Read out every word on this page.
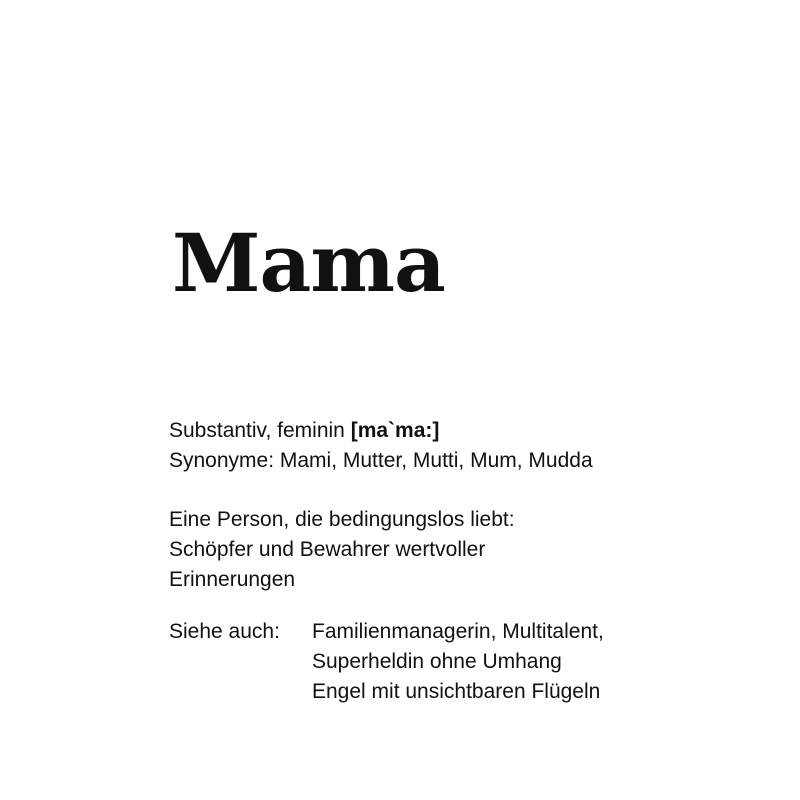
Mama
Substantiv, feminin [ma`ma:]
Synonyme: Mami, Mutter, Mutti, Mum, Mudda
Eine Person, die bedingungslos liebt:
Schöpfer und Bewahrer wertvoller
Erinnerungen
Siehe auch:	Familienmanagerin, Multitalent,
Superheldin ohne Umhang
Engel mit unsichtbaren Flügeln
